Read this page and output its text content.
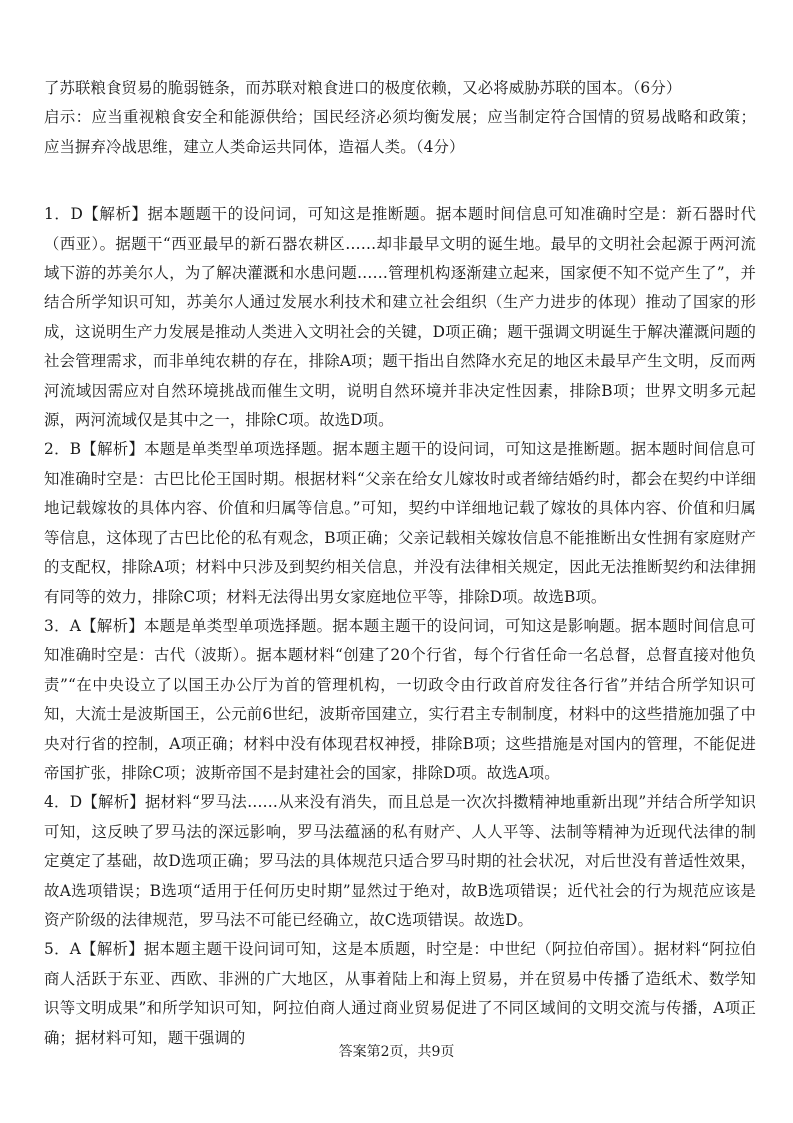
了苏联粮食贸易的脆弱链条，而苏联对粮食进口的极度依赖，又必将威胁苏联的国本。（6分）

启示：应当重视粮食安全和能源供给；国民经济必须均衡发展；应当制定符合国情的贸易战略和政策；应当摒弃冷战思维，建立人类命运共同体，造福人类。（4分）

1．D【解析】据本题题干的设问词，可知这是推断题。据本题时间信息可知准确时空是：新石器时代（西亚）。据题干“西亚最早的新石器农耕区……却非最早文明的诞生地。最早的文明社会起源于两河流域下游的苏美尔人，为了解决灌溉和水患问题……管理机构逐渐建立起来，国家便不知不觉产生了”，并结合所学知识可知，苏美尔人通过发展水利技术和建立社会组织（生产力进步的体现）推动了国家的形成，这说明生产力发展是推动人类进入文明社会的关键，D项正确；题干强调文明诞生于解决灌溉问题的社会管理需求，而非单纯农耕的存在，排除A项；题干指出自然降水充足的地区未最早产生文明，反而两河流域因需应对自然环境挑战而催生文明，说明自然环境并非决定性因素，排除B项；世界文明多元起源，两河流域仅是其中之一，排除C项。故选D项。

2．B【解析】本题是单类型单项选择题。据本题主题干的设问词，可知这是推断题。据本题时间信息可知准确时空是：古巴比伦王国时期。根据材料“父亲在给女儿嫁妆时或者缔结婚约时，都会在契约中详细地记载嫁妆的具体内容、价值和归属等信息。”可知，契约中详细地记载了嫁妆的具体内容、价值和归属等信息，这体现了古巴比伦的私有观念，B项正确；父亲记载相关嫁妆信息不能推断出女性拥有家庭财产的支配权，排除A项；材料中只涉及到契约相关信息，并没有法律相关规定，因此无法推断契约和法律拥有同等的效力，排除C项；材料无法得出男女家庭地位平等，排除D项。故选B项。

3．A【解析】本题是单类型单项选择题。据本题主题干的设问词，可知这是影响题。据本题时间信息可知准确时空是：古代（波斯）。据本题材料“创建了20个行省，每个行省任命一名总督，总督直接对他负责”“在中央设立了以国王办公厅为首的管理机构，一切政令由行政首府发往各行省”并结合所学知识可知，大流士是波斯国王，公元前6世纪，波斯帝国建立，实行君主专制制度，材料中的这些措施加强了中央对行省的控制，A项正确；材料中没有体现君权神授，排除B项；这些措施是对国内的管理，不能促进帝国扩张，排除C项；波斯帝国不是封建社会的国家，排除D项。故选A项。

4．D【解析】据材料“罗马法……从来没有消失，而且总是一次次抖擞精神地重新出现”并结合所学知识可知，这反映了罗马法的深远影响，罗马法蕴涵的私有财产、人人平等、法制等精神为近现代法律的制定奠定了基础，故D选项正确；罗马法的具体规范只适合罗马时期的社会状况，对后世没有普适性效果，故A选项错误；B选项“适用于任何历史时期”显然过于绝对，故B选项错误；近代社会的行为规范应该是资产阶级的法律规范，罗马法不可能已经确立，故C选项错误。故选D。

5．A【解析】据本题主题干设问词可知，这是本质题，时空是：中世纪（阿拉伯帝国）。据材料“阿拉伯商人活跃于东亚、西欧、非洲的广大地区，从事着陆上和海上贸易，并在贸易中传播了造纸术、数学知识等文明成果”和所学知识可知，阿拉伯商人通过商业贸易促进了不同区域间的文明交流与传播，A项正确；据材料可知，题干强调的

答案第2页，共9页
